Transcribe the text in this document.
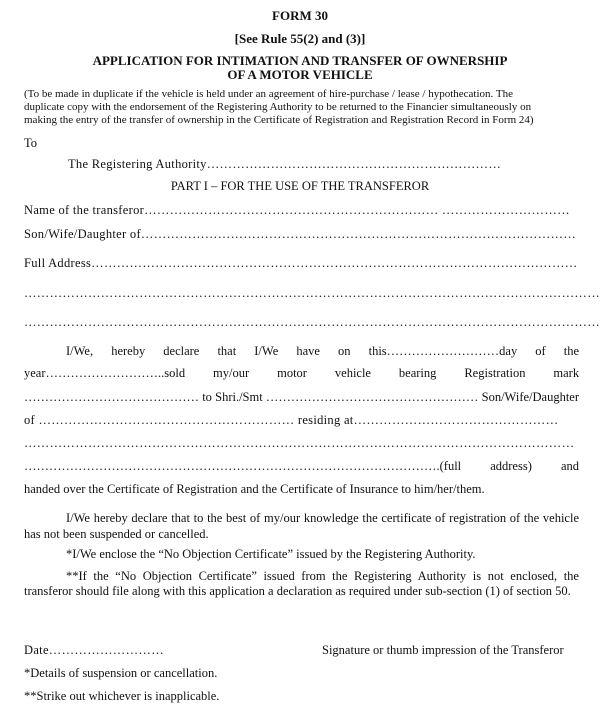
FORM 30
[See Rule 55(2) and (3)]
APPLICATION FOR INTIMATION AND TRANSFER OF OWNERSHIP
OF A MOTOR VEHICLE
(To be made in duplicate if the vehicle is held under an agreement of hire-purchase / lease / hypothecation. The
duplicate copy with the endorsement of the Registering Authority to be returned to the Financier simultaneously on
making the entry of the transfer of ownership in the Certificate of Registration and Registration Record in Form 24)
To
The Registering Authority……………………………………………………………
PART I – FOR THE USE OF THE TRANSFEROR
Name of the transferor…………………………………………………………… …………………………
Son/Wife/Daughter of…………………………………………………………………………………………
Full Address……………………………………………………………………………………………………
………………………………………………………………………………………………………………………
………………………………………………………………………………………………………………………
I/We, hereby declare that I/We have on this………………………day of the
year………………………..sold my/our motor vehicle bearing Registration mark
…………………………………… to Shri./Smt …………………………………………… Son/Wife/Daughter
of …………………………………………………… residing at…………………………………………
…………………………………………………………………………………………………………………
……………………………………………………………………………………….(full address) and
handed over the Certificate of Registration and the Certificate of Insurance to him/her/them.
I/We hereby declare that to the best of my/our knowledge the certificate of registration of the vehicle has not been suspended or cancelled.
*I/We enclose the “No Objection Certificate” issued by the Registering Authority.
**If the “No Objection Certificate” issued from the Registering Authority is not enclosed, the transferor should file along with this application a declaration as required under sub-section (1) of section 50.
Date………………………	Signature or thumb impression of the Transferor
*Details of suspension or cancellation.
**Strike out whichever is inapplicable.
